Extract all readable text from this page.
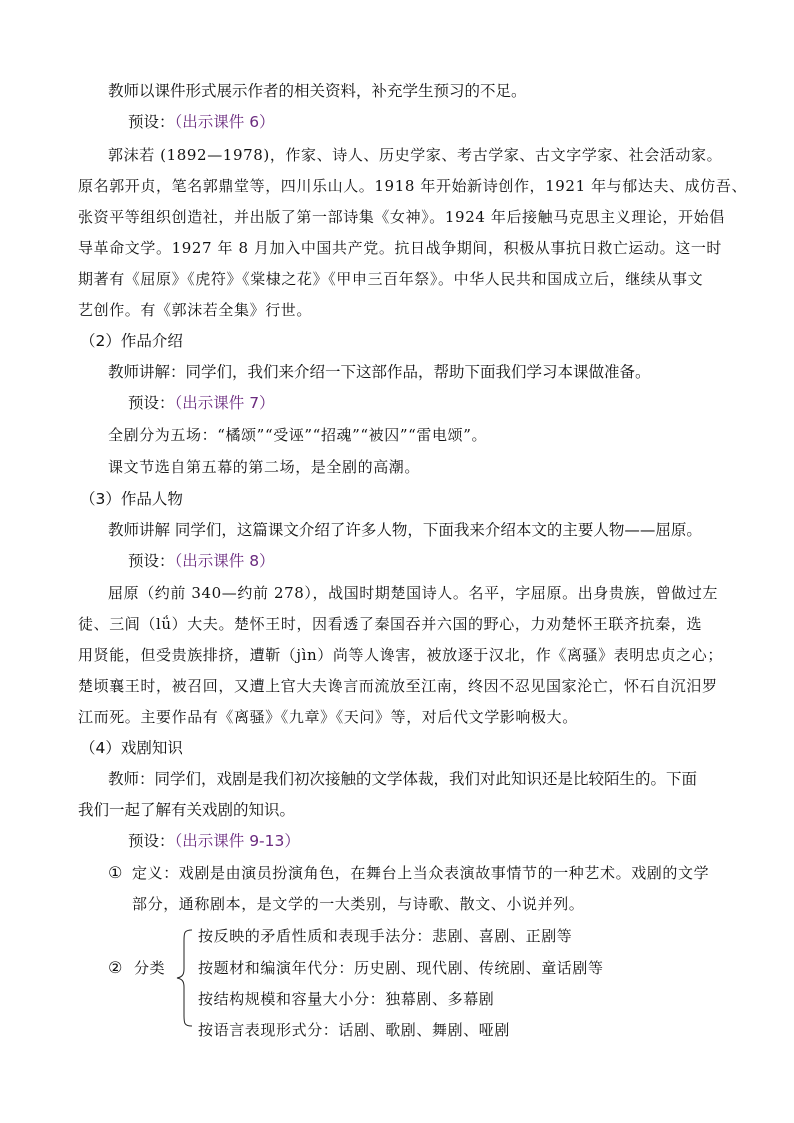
教师以课件形式展示作者的相关资料，补充学生预习的不足。
预设：（出示课件 6）
郭沫若 (1892—1978)，作家、诗人、历史学家、考古学家、古文字学家、社会活动家。
原名郭开贞，笔名郭鼎堂等，四川乐山人。1918 年开始新诗创作，1921 年与郁达夫、成仿吾、
张资平等组织创造社，并出版了第一部诗集《女神》。1924 年后接触马克思主义理论，开始倡
导革命文学。1927 年 8 月加入中国共产党。抗日战争期间，积极从事抗日救亡运动。这一时
期著有《屈原》《虎符》《棠棣之花》《甲申三百年祭》。中华人民共和国成立后，继续从事文
艺创作。有《郭沫若全集》行世。
（2）作品介绍
教师讲解：同学们，我们来介绍一下这部作品，帮助下面我们学习本课做准备。
预设：（出示课件 7）
全剧分为五场：“橘颂”“受诬”“招魂”“被囚”“雷电颂”。
课文节选自第五幕的第二场，是全剧的高潮。
（3）作品人物
教师讲解 同学们，这篇课文介绍了许多人物，下面我来介绍本文的主要人物——屈原。
预设：（出示课件 8）
屈原（约前 340—约前 278），战国时期楚国诗人。名平，字屈原。出身贵族，曾做过左
徒、三闾（lǘ）大夫。楚怀王时，因看透了秦国吞并六国的野心，力劝楚怀王联齐抗秦，选
用贤能，但受贵族排挤，遭靳（jìn）尚等人谗害，被放逐于汉北，作《离骚》表明忠贞之心；
楚顷襄王时，被召回，又遭上官大夫谗言而流放至江南，终因不忍见国家沦亡，怀石自沉汨罗
江而死。主要作品有《离骚》《九章》《天问》等，对后代文学影响极大。
（4）戏剧知识
教师：同学们，戏剧是我们初次接触的文学体裁，我们对此知识还是比较陌生的。下面
我们一起了解有关戏剧的知识。
预设：（出示课件 9-13）
① 定义：戏剧是由演员扮演角色，在舞台上当众表演故事情节的一种艺术。戏剧的文学
部分，通称剧本，是文学的一大类别，与诗歌、散文、小说并列。
② 分类
按反映的矛盾性质和表现手法分：悲剧、喜剧、正剧等
按题材和编演年代分：历史剧、现代剧、传统剧、童话剧等
按结构规模和容量大小分：独幕剧、多幕剧
按语言表现形式分：话剧、歌剧、舞剧、哑剧
